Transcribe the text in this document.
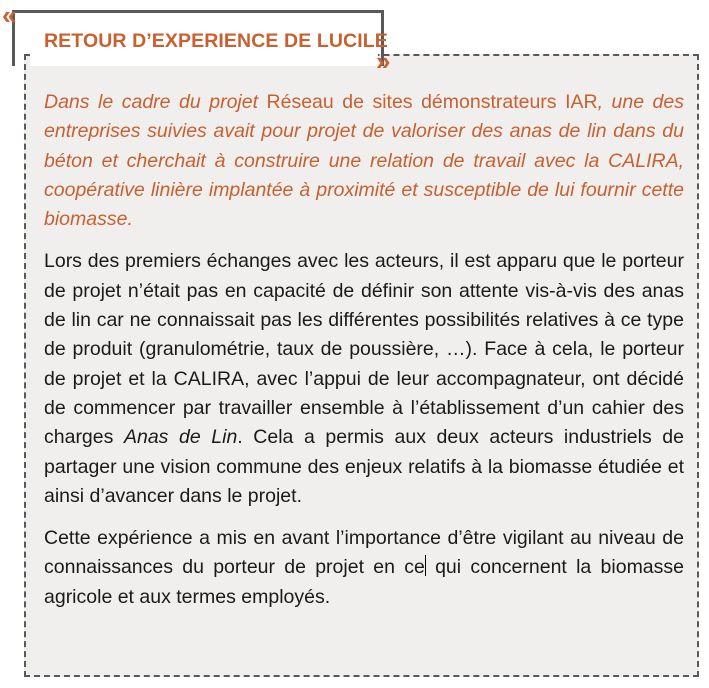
«
RETOUR D’EXPERIENCE DE LUCILE
»

Dans le cadre du projet Réseau de sites démonstrateurs IAR, une des entreprises suivies avait pour projet de valoriser des anas de lin dans du béton et cherchait à construire une relation de travail avec la CALIRA, coopérative linière implantée à proximité et susceptible de lui fournir cette biomasse.

Lors des premiers échanges avec les acteurs, il est apparu que le porteur de projet n’était pas en capacité de définir son attente vis-à-vis des anas de lin car ne connaissait pas les différentes possibilités relatives à ce type de produit (granulométrie, taux de poussière, …). Face à cela, le porteur de projet et la CALIRA, avec l’appui de leur accompagnateur, ont décidé de commencer par travailler ensemble à l’établissement d’un cahier des charges Anas de Lin. Cela a permis aux deux acteurs industriels de partager une vision commune des enjeux relatifs à la biomasse étudiée et ainsi d’avancer dans le projet.

Cette expérience a mis en avant l’importance d’être vigilant au niveau de connaissances du porteur de projet en ce qui concernent la biomasse agricole et aux termes employés.
